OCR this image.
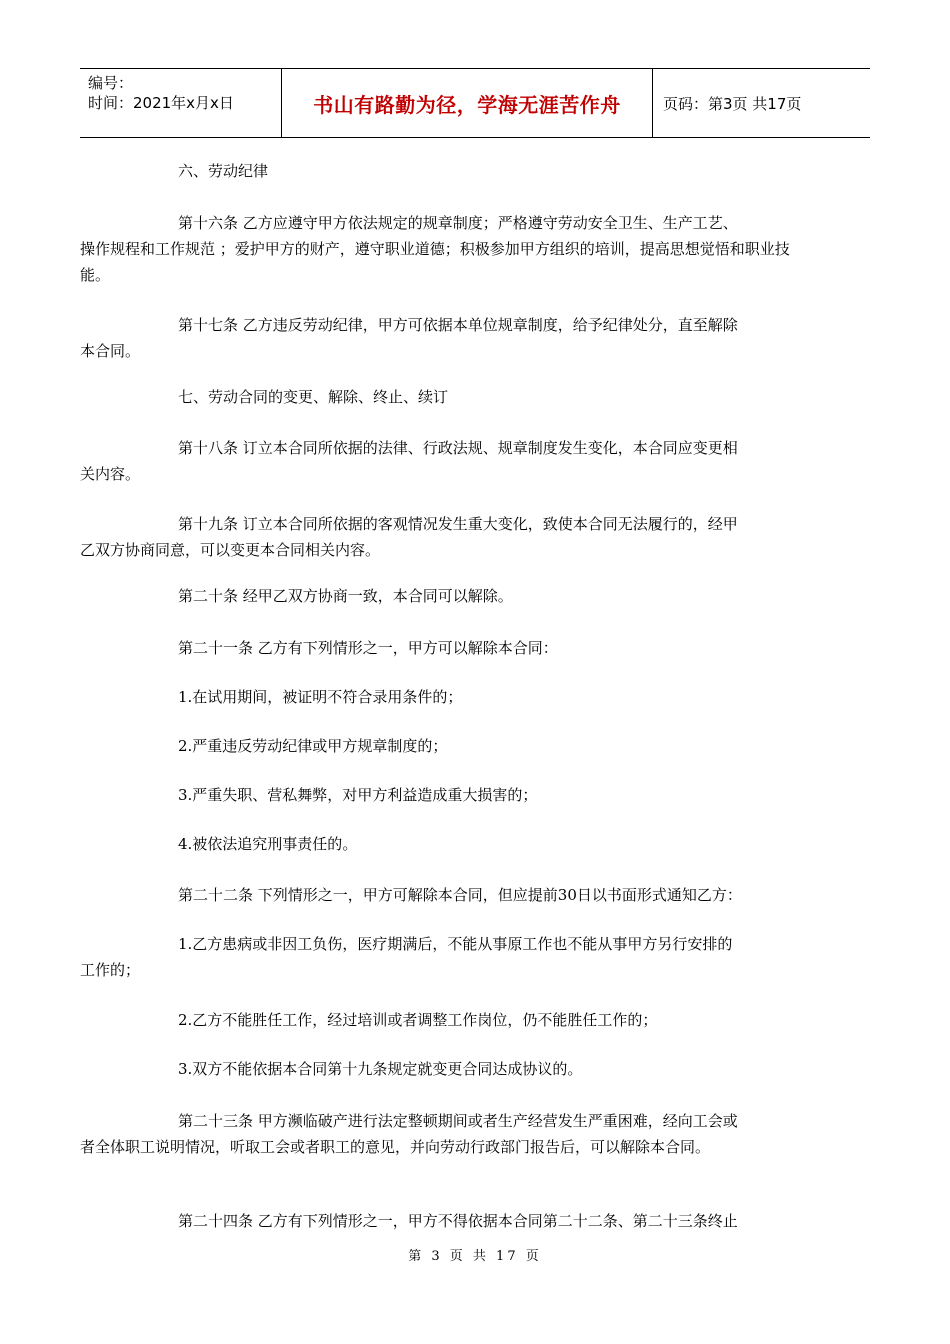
编号：
时间：2021年x月x日	书山有路勤为径，学海无涯苦作舟	页码：第3页 共17页
六、劳动纪律
第十六条 乙方应遵守甲方依法规定的规章制度；严格遵守劳动安全卫生、生产工艺、
操作规程和工作规范 ；爱护甲方的财产，遵守职业道德；积极参加甲方组织的培训，提高思想觉悟和职业技能。
第十七条 乙方违反劳动纪律，甲方可依据本单位规章制度，给予纪律处分，直至解除
本合同。
七、劳动合同的变更、解除、终止、续订
第十八条 订立本合同所依据的法律、行政法规、规章制度发生变化，本合同应变更相
关内容。
第十九条 订立本合同所依据的客观情况发生重大变化，致使本合同无法履行的，经甲
乙双方协商同意，可以变更本合同相关内容。
第二十条 经甲乙双方协商一致，本合同可以解除。
第二十一条 乙方有下列情形之一，甲方可以解除本合同：
1.在试用期间，被证明不符合录用条件的；
2.严重违反劳动纪律或甲方规章制度的；
3.严重失职、营私舞弊，对甲方利益造成重大损害的；
4.被依法追究刑事责任的。
第二十二条 下列情形之一，甲方可解除本合同，但应提前30日以书面形式通知乙方：
1.乙方患病或非因工负伤，医疗期满后，不能从事原工作也不能从事甲方另行安排的
工作的；
2.乙方不能胜任工作，经过培训或者调整工作岗位，仍不能胜任工作的；
3.双方不能依据本合同第十九条规定就变更合同达成协议的。
第二十三条 甲方濒临破产进行法定整顿期间或者生产经营发生严重困难，经向工会或
者全体职工说明情况，听取工会或者职工的意见，并向劳动行政部门报告后，可以解除本合同。
第二十四条 乙方有下列情形之一，甲方不得依据本合同第二十二条、第二十三条终止
第 3 页 共 17 页
